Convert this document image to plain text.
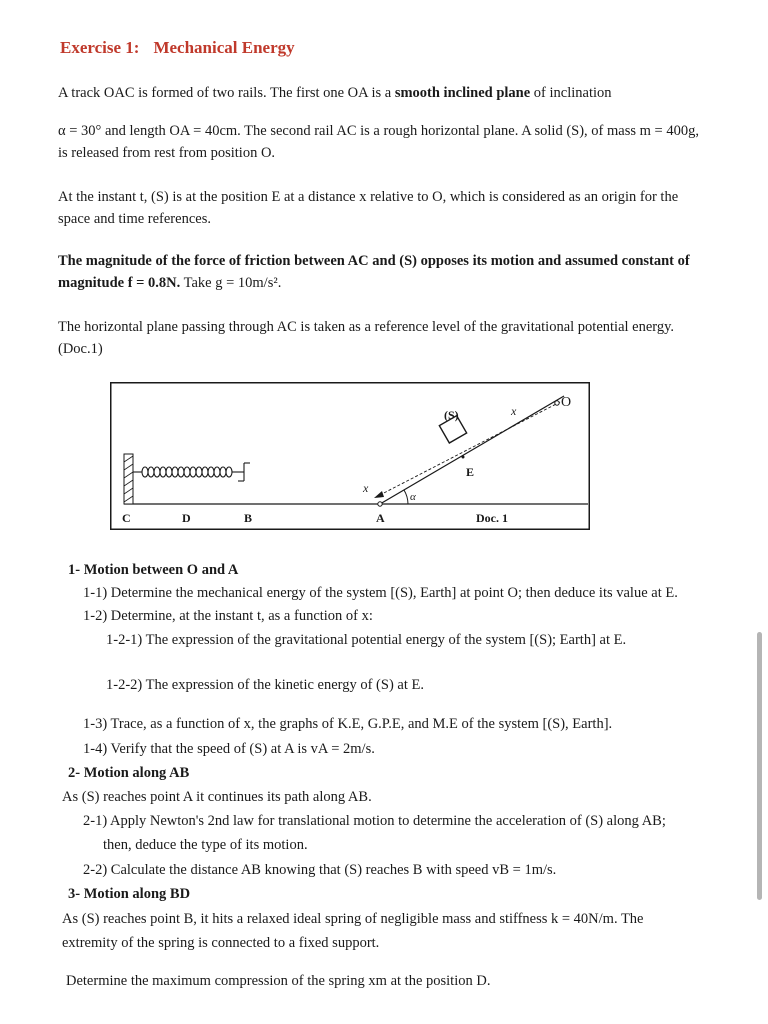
Exercise 1: Mechanical Energy
A track OAC is formed of two rails. The first one OA is a smooth inclined plane of inclination
α = 30° and length OA = 40cm. The second rail AC is a rough horizontal plane. A solid (S), of mass m = 400g, is released from rest from position O.
At the instant t, (S) is at the position E at a distance x relative to O, which is considered as an origin for the space and time references.
The magnitude of the force of friction between AC and (S) opposes its motion and assumed constant of magnitude f = 0.8N. Take g = 10m/s².
The horizontal plane passing through AC is taken as a reference level of the gravitational potential energy.(Doc.1)
α
x
x
O
(S)
E
C	D	B	A	Doc. 1
1- Motion between O and A
1-1) Determine the mechanical energy of the system [(S), Earth] at point O; then deduce its value at E.
1-2) Determine, at the instant t, as a function of x:
1-2-1) The expression of the gravitational potential energy of the system [(S); Earth] at E.
1-2-2) The expression of the kinetic energy of (S) at E.
1-3) Trace, as a function of x, the graphs of K.E, G.P.E, and M.E of the system [(S), Earth].
1-4) Verify that the speed of (S) at A is vA = 2m/s.
2- Motion along AB
As (S) reaches point A it continues its path along AB.
2-1) Apply Newton's 2nd law for translational motion to determine the acceleration of (S) along AB;
then, deduce the type of its motion.
2-2) Calculate the distance AB knowing that (S) reaches B with speed vB = 1m/s.
3- Motion along BD
As (S) reaches point B, it hits a relaxed ideal spring of negligible mass and stiffness k = 40N/m. The
extremity of the spring is connected to a fixed support.
Determine the maximum compression of the spring xm at the position D.
